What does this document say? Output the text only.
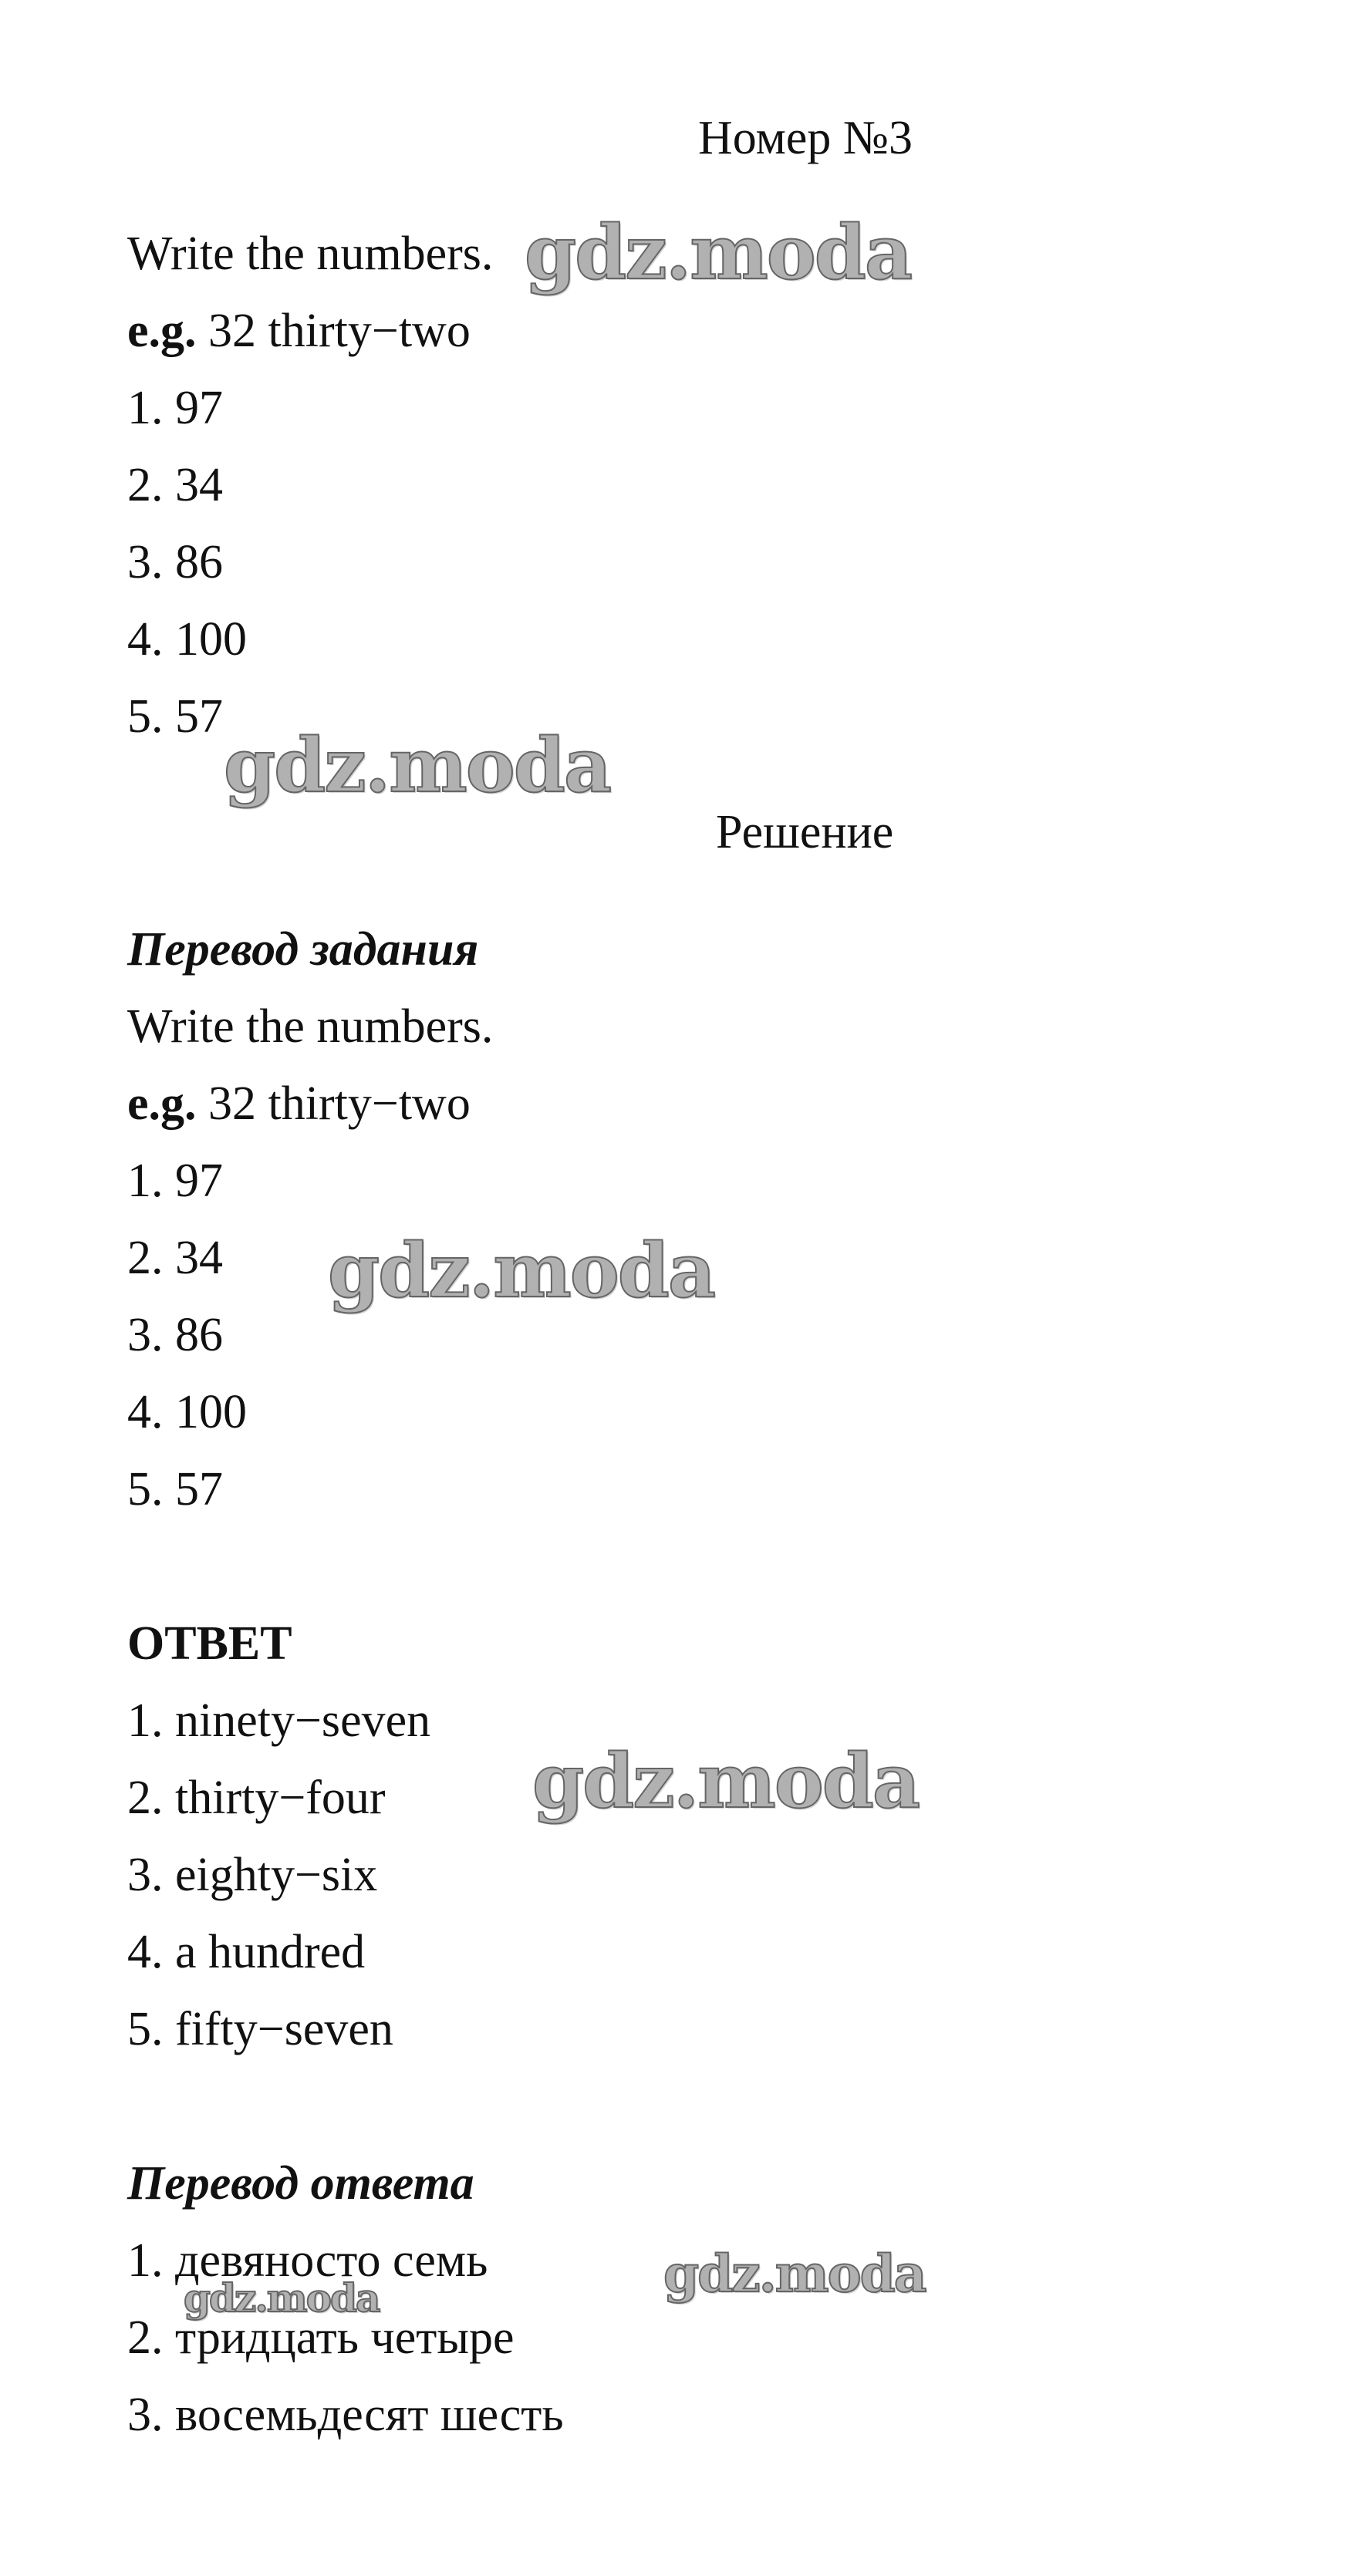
Номер №3
Write the numbers.
e.g. 32 thirty−two
1. 97
2. 34
3. 86
4. 100
5. 57
Решение
Перевод задания
Write the numbers.
e.g. 32 thirty−two
1. 97
2. 34
3. 86
4. 100
5. 57
ОТВЕТ
1. ninety−seven
2. thirty−four
3. eighty−six
4. a hundred
5. fifty−seven
Перевод ответа
1. девяносто семь
2. тридцать четыре
3. восемьдесят шесть
gdz.moda
gdz.moda
gdz.moda
gdz.moda
gdz.moda
gdz.moda
